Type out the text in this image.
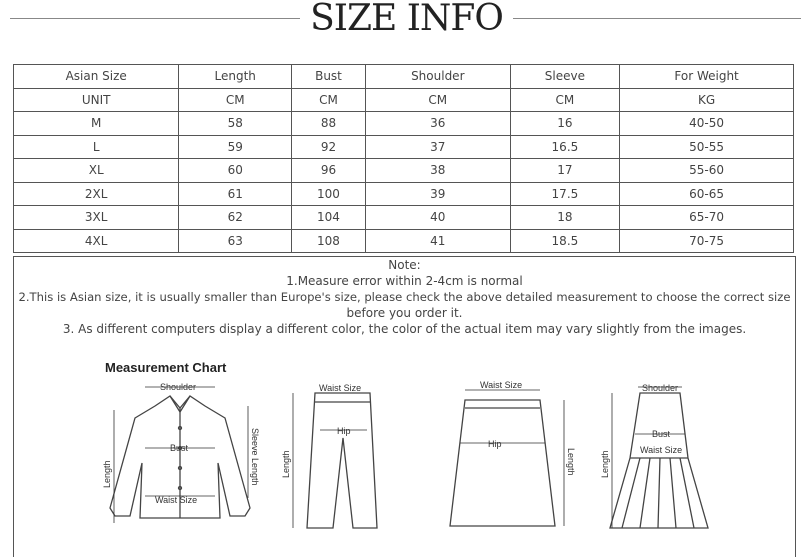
SIZE INFO
Asian Size	Length	Bust	Shoulder	Sleeve	For Weight
UNIT	CM	CM	CM	CM	KG
M	58	88	36	16	40-50
L	59	92	37	16.5	50-55
XL	60	96	38	17	55-60
2XL	61	100	39	17.5	60-65
3XL	62	104	40	18	65-70
4XL	63	108	41	18.5	70-75
Note:
1.Measure error within 2-4cm is normal
2.This is Asian size, it is usually smaller than Europe's size, please check the above detailed measurement to choose the correct size
before you order it.
3. As different computers display a different color, the color of the actual item may vary slightly from the images.
Measurement Chart
Shoulder
Bust
Waist Size
Length	Sleeve Length
Waist Size
Hip
Length
Waist Size
Hip
Length
Shoulder
Bust
Waist Size
Length
